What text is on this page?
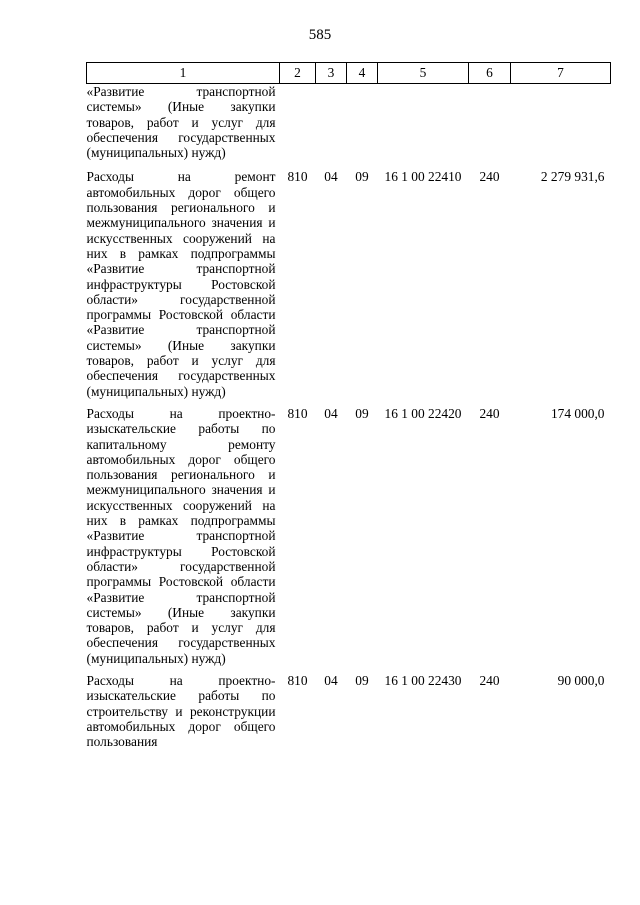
585
1	2	3	4	5	6	7
«Развитие транспортной системы» (Иные закупки товаров, работ и услуг для обеспечения государственных (муниципальных) нужд)						
Расходы на ремонт автомобильных дорог общего пользования регионального и межмуниципального значения и искусственных сооружений на них в рамках подпрограммы «Развитие транспортной инфраструктуры Ростовской области» государственной программы Ростовской области «Развитие транспортной системы» (Иные закупки товаров, работ и услуг для обеспечения государственных (муниципальных) нужд)	810	04	09	16 1 00 22410	240	2 279 931,6
Расходы на проектно-изыскательские работы по капитальному ремонту автомобильных дорог общего пользования регионального и межмуниципального значения и искусственных сооружений на них в рамках подпрограммы «Развитие транспортной инфраструктуры Ростовской области» государственной программы Ростовской области «Развитие транспортной системы» (Иные закупки товаров, работ и услуг для обеспечения государственных (муниципальных) нужд)	810	04	09	16 1 00 22420	240	174 000,0
Расходы на проектно-изыскательские работы по строительству и реконструкции автомобильных дорог общего пользования	810	04	09	16 1 00 22430	240	90 000,0
